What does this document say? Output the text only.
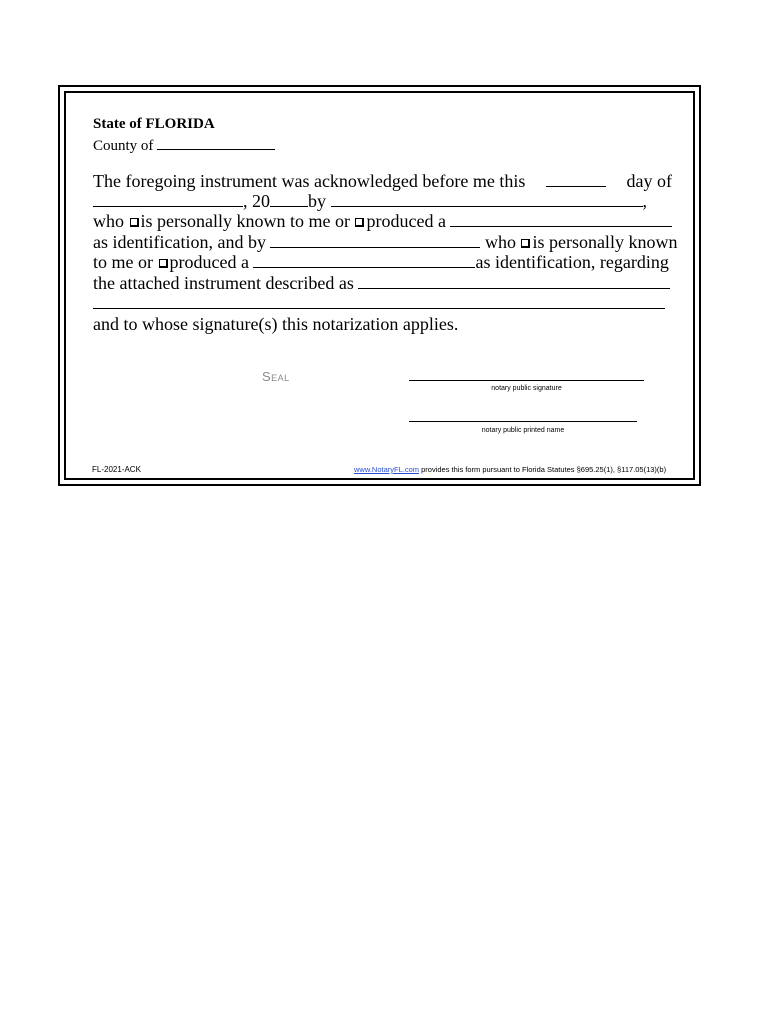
State of FLORIDA
County of
The foregoing instrument was acknowledged before me this	day of
, 20 by	,
who is personally known to me or produced a
as identification, and by	who is personally known
to me or produced a	as identification, regarding
the attached instrument described as
and to whose signature(s) this notarization applies.
Seal
notary public signature
notary public printed name
FL-2021-ACK	www.NotaryFL.com provides this form pursuant to Florida Statutes §695.25(1), §117.05(13)(b)
